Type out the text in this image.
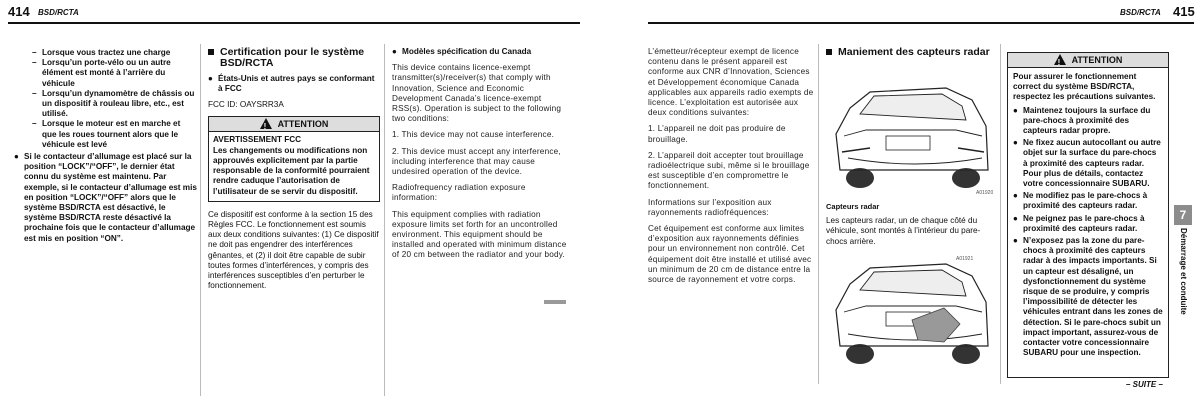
414 BSD/RCTA
– Lorsque vous tractez une charge
– Lorsqu’un porte-vélo ou un autre élément est monté à l’arrière du véhicule
– Lorsqu’un dynamomètre de châssis ou un dispositif à rouleau libre, etc., est utilisé.
– Lorsque le moteur est en marche et que les roues tournent alors que le véhicule est levé
● Si le contacteur d’allumage est placé sur la position “LOCK”/“OFF”, le dernier état connu du système est maintenu. Par exemple, si le contacteur d’allumage est mis en position “LOCK”/“OFF” alors que le système BSD/RCTA est désactivé, le système BSD/RCTA reste désactivé la prochaine fois que le contacteur d’allumage est mis en position “ON”.
Certification pour le système BSD/RCTA
● États-Unis et autres pays se conformant à FCC
FCC ID: OAYSRR3A
!ATTENTION
AVERTISSEMENT FCC
Les changements ou modifications non approuvés explicitement par la partie responsable de la conformité pourraient rendre caduque l’autorisation de l’utilisateur de se servir du dispositif.
Ce dispositif est conforme à la section 15 des Règles FCC. Le fonctionnement est soumis aux deux conditions suivantes: (1) Ce dispositif ne doit pas engendrer des interférences gênantes, et (2) il doit être capable de subir toutes formes d’interférences, y compris des interférences susceptibles d’en perturber le fonctionnement.
● Modèles spécification du Canada
This device contains licence-exempt transmitter(s)/receiver(s) that comply with Innovation, Science and Economic Development Canada’s licence-exempt RSS(s). Operation is subject to the following two conditions:
1. This device may not cause interference.
2. This device must accept any interference, including interference that may cause undesired operation of the device.
Radiofrequency radiation exposure information:
This equipment complies with radiation exposure limits set forth for an uncontrolled environment. This equipment should be installed and operated with minimum distance of 20 cm between the radiator and your body.
BSD/RCTA 415
L’émetteur/récepteur exempt de licence contenu dans le présent appareil est conforme aux CNR d’Innovation, Sciences et Développement économique Canada applicables aux appareils radio exempts de licence. L’exploitation est autorisée aux deux conditions suivantes:
1. L’appareil ne doit pas produire de brouillage.
2. L’appareil doit accepter tout brouillage radioélectrique subi, même si le brouillage est susceptible d’en compromettre le fonctionnement.
Informations sur l’exposition aux rayonnements radiofréquences:
Cet équipement est conforme aux limites d’exposition aux rayonnements définies pour un environnement non contrôlé. Cet équipement doit être installé et utilisé avec un minimum de 20 cm de distance entre la source de rayonnement et votre corps.
Maniement des capteurs radar
A01920
Capteurs radar
Les capteurs radar, un de chaque côté du véhicule, sont montés à l’intérieur du pare-chocs arrière.
A01921
!ATTENTION
Pour assurer le fonctionnement correct du système BSD/RCTA, respectez les précautions suivantes.
● Maintenez toujours la surface du pare-chocs à proximité des capteurs radar propre.
● Ne fixez aucun autocollant ou autre objet sur la surface du pare-chocs à proximité des capteurs radar. Pour plus de détails, contactez votre concessionnaire SUBARU.
● Ne modifiez pas le pare-chocs à proximité des capteurs radar.
● Ne peignez pas le pare-chocs à proximité des capteurs radar.
● N’exposez pas la zone du pare-chocs à proximité des capteurs radar à des impacts importants. Si un capteur est désaligné, un dysfonctionnement du système risque de se produire, y compris l’impossibilité de détecter les véhicules entrant dans les zones de détection. Si le pare-chocs subit un impact important, assurez-vous de contacter votre concessionnaire SUBARU pour une inspection.
7
Démarrage et conduite
– SUITE –
